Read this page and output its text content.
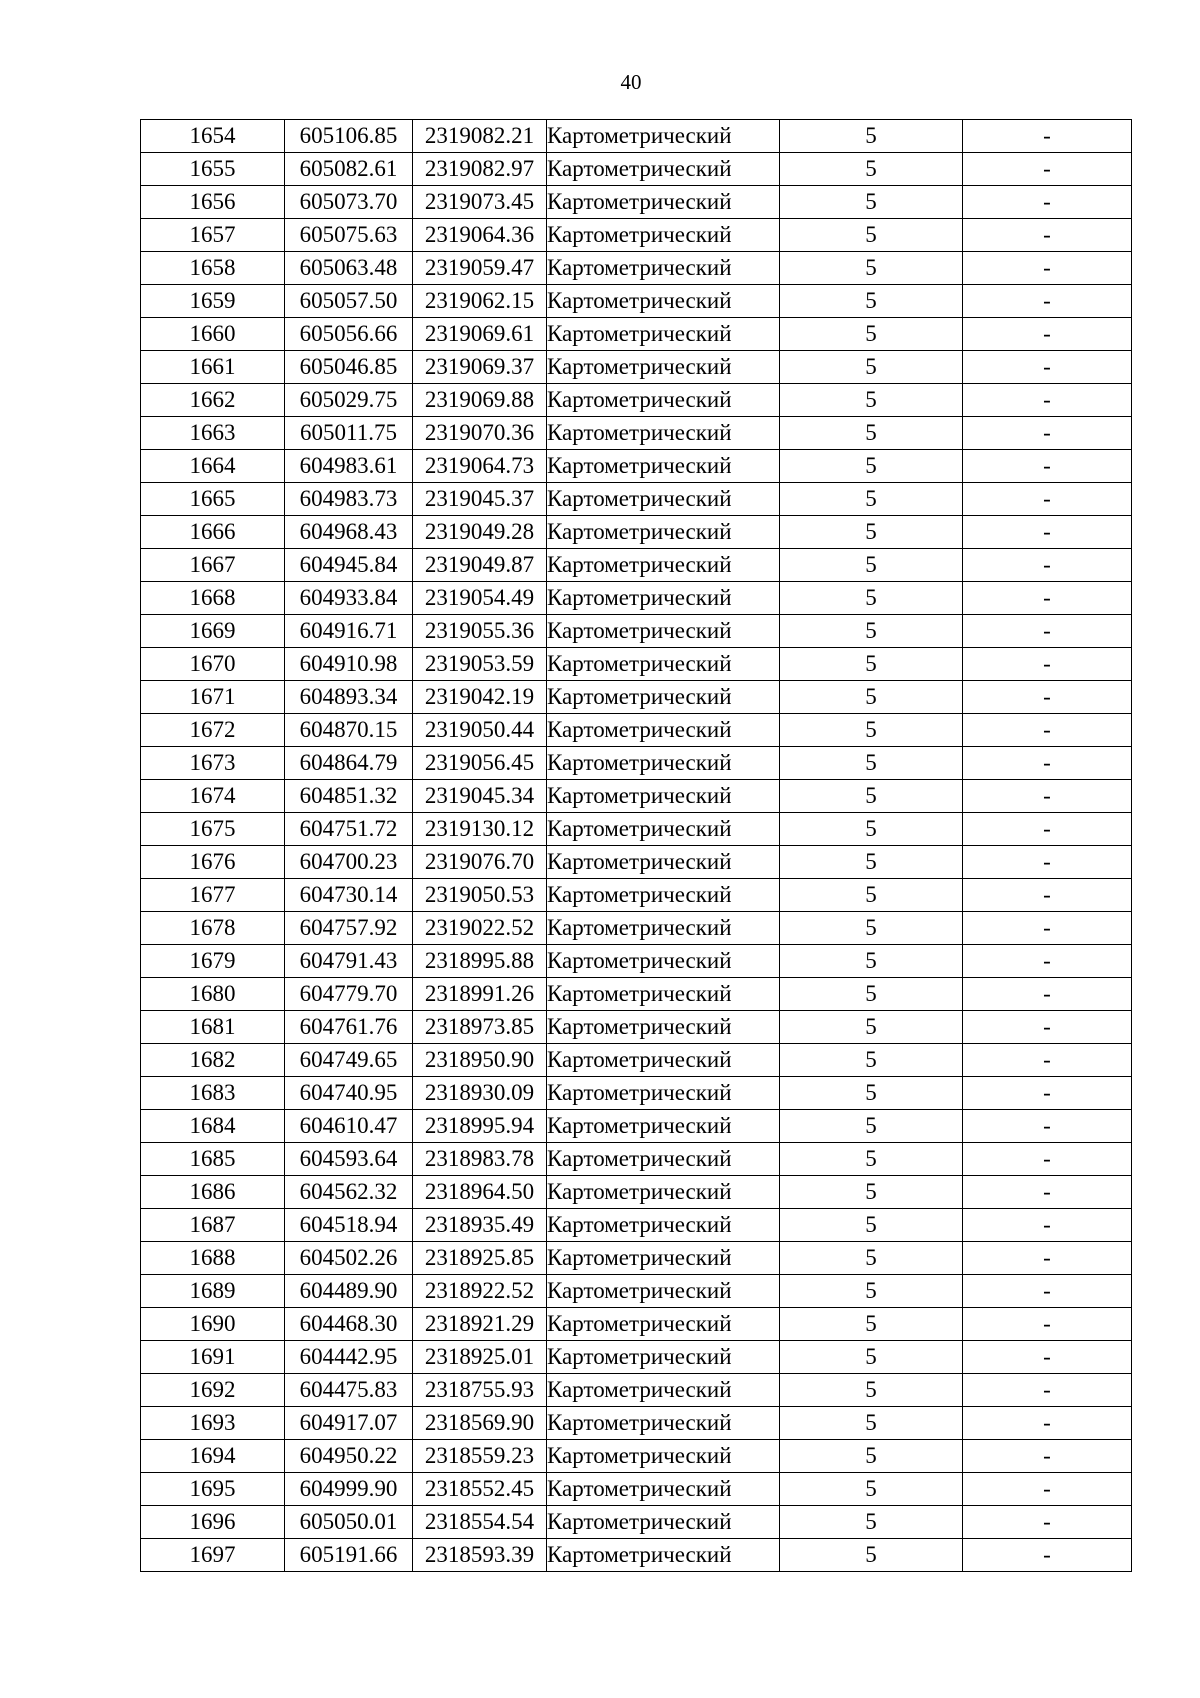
40
1654	605106.85	2319082.21	Картометрический	5	-
1655	605082.61	2319082.97	Картометрический	5	-
1656	605073.70	2319073.45	Картометрический	5	-
1657	605075.63	2319064.36	Картометрический	5	-
1658	605063.48	2319059.47	Картометрический	5	-
1659	605057.50	2319062.15	Картометрический	5	-
1660	605056.66	2319069.61	Картометрический	5	-
1661	605046.85	2319069.37	Картометрический	5	-
1662	605029.75	2319069.88	Картометрический	5	-
1663	605011.75	2319070.36	Картометрический	5	-
1664	604983.61	2319064.73	Картометрический	5	-
1665	604983.73	2319045.37	Картометрический	5	-
1666	604968.43	2319049.28	Картометрический	5	-
1667	604945.84	2319049.87	Картометрический	5	-
1668	604933.84	2319054.49	Картометрический	5	-
1669	604916.71	2319055.36	Картометрический	5	-
1670	604910.98	2319053.59	Картометрический	5	-
1671	604893.34	2319042.19	Картометрический	5	-
1672	604870.15	2319050.44	Картометрический	5	-
1673	604864.79	2319056.45	Картометрический	5	-
1674	604851.32	2319045.34	Картометрический	5	-
1675	604751.72	2319130.12	Картометрический	5	-
1676	604700.23	2319076.70	Картометрический	5	-
1677	604730.14	2319050.53	Картометрический	5	-
1678	604757.92	2319022.52	Картометрический	5	-
1679	604791.43	2318995.88	Картометрический	5	-
1680	604779.70	2318991.26	Картометрический	5	-
1681	604761.76	2318973.85	Картометрический	5	-
1682	604749.65	2318950.90	Картометрический	5	-
1683	604740.95	2318930.09	Картометрический	5	-
1684	604610.47	2318995.94	Картометрический	5	-
1685	604593.64	2318983.78	Картометрический	5	-
1686	604562.32	2318964.50	Картометрический	5	-
1687	604518.94	2318935.49	Картометрический	5	-
1688	604502.26	2318925.85	Картометрический	5	-
1689	604489.90	2318922.52	Картометрический	5	-
1690	604468.30	2318921.29	Картометрический	5	-
1691	604442.95	2318925.01	Картометрический	5	-
1692	604475.83	2318755.93	Картометрический	5	-
1693	604917.07	2318569.90	Картометрический	5	-
1694	604950.22	2318559.23	Картометрический	5	-
1695	604999.90	2318552.45	Картометрический	5	-
1696	605050.01	2318554.54	Картометрический	5	-
1697	605191.66	2318593.39	Картометрический	5	-
